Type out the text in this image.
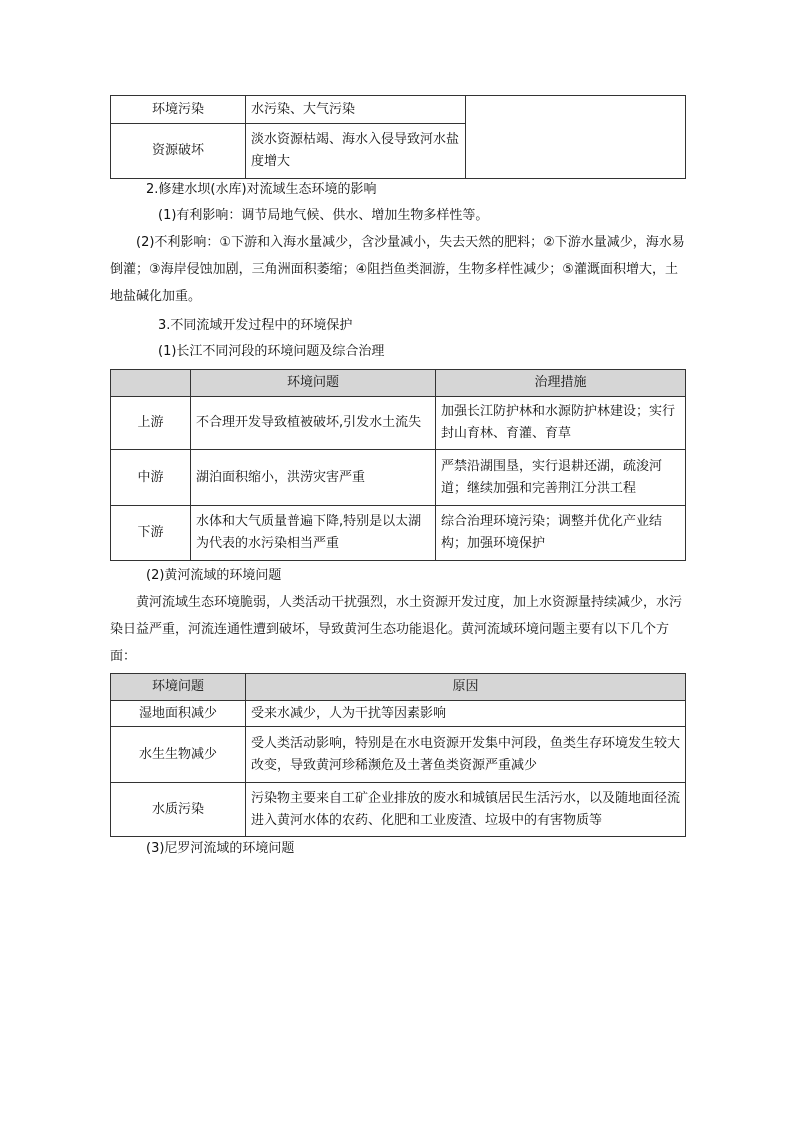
环境污染	水污染、大气污染	
资源破坏	淡水资源枯竭、海水入侵导致河水盐度增大	

2.修建水坝(水库)对流域生态环境的影响

(1)有利影响：调节局地气候、供水、增加生物多样性等。

(2)不利影响：①下游和入海水量减少，含沙量减小，失去天然的肥料；②下游水量减少，海水易倒灌；③海岸侵蚀加剧，三角洲面积萎缩；④阻挡鱼类洄游，生物多样性减少；⑤灌溉面积增大，土地盐碱化加重。

3.不同流域开发过程中的环境保护

(1)长江不同河段的环境问题及综合治理

	环境问题	治理措施
上游	不合理开发导致植被破坏,引发水土流失	加强长江防护林和水源防护林建设；实行封山育林、育灌、育草
中游	湖泊面积缩小，洪涝灾害严重	严禁沿湖围垦，实行退耕还湖，疏浚河道；继续加强和完善荆江分洪工程
下游	水体和大气质量普遍下降,特别是以太湖为代表的水污染相当严重	综合治理环境污染；调整并优化产业结构；加强环境保护

(2)黄河流域的环境问题

黄河流域生态环境脆弱，人类活动干扰强烈，水土资源开发过度，加上水资源量持续减少，水污染日益严重，河流连通性遭到破坏，导致黄河生态功能退化。黄河流域环境问题主要有以下几个方面：

环境问题	原因
湿地面积减少	受来水减少，人为干扰等因素影响
水生生物减少	受人类活动影响，特别是在水电资源开发集中河段，鱼类生存环境发生较大改变，导致黄河珍稀濒危及土著鱼类资源严重减少
水质污染	污染物主要来自工矿企业排放的废水和城镇居民生活污水，以及随地面径流进入黄河水体的农药、化肥和工业废渣、垃圾中的有害物质等

(3)尼罗河流域的环境问题
